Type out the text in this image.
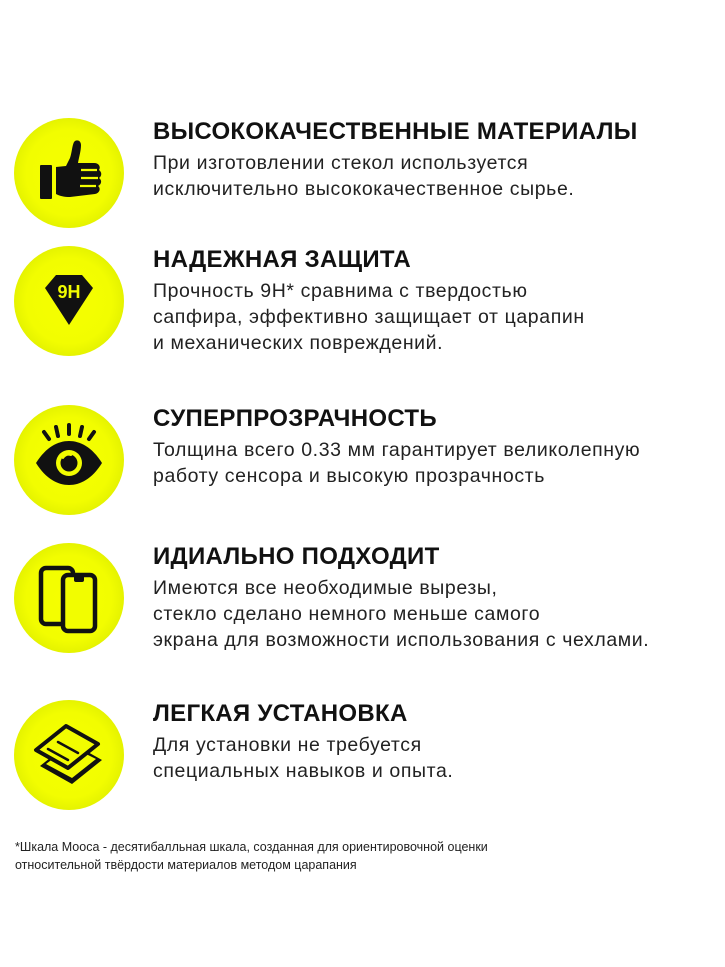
ВЫСОКОКАЧЕСТВЕННЫЕ МАТЕРИАЛЫ

При изготовлении стекол используется
исключительно высококачественное сырье.

9H
НАДЕЖНАЯ ЗАЩИТА

Прочность 9H* сравнима с твердостью
сапфира, эффективно защищает от царапин
и механических повреждений.

СУПЕРПРОЗРАЧНОСТЬ

Толщина всего 0.33 мм гарантирует великолепную
работу сенсора и высокую прозрачность

ИДИАЛЬНО ПОДХОДИТ

Имеются все необходимые вырезы,
стекло сделано немного меньше самого
экрана для возможности использования с чехлами.

ЛЕГКАЯ УСТАНОВКА

Для установки не требуется
специальных навыков и опыта.

*Шкала Мооса - десятибалльная шкала, созданная для ориентировочной оценки
относительной твёрдости материалов методом царапания
